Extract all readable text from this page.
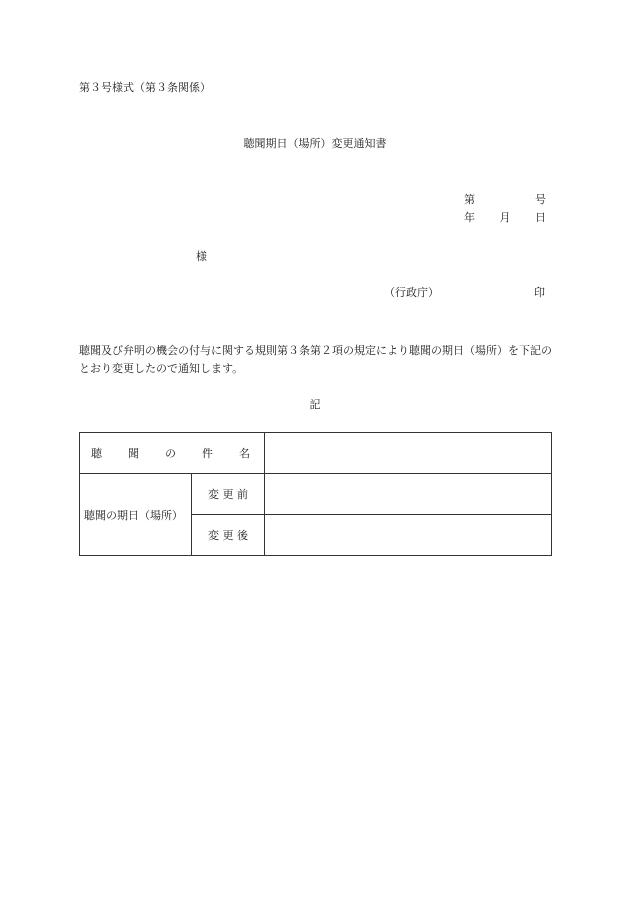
第３号様式（第３条関係）
聴聞期日（場所）変更通知書
第	号
年 月 日
様
（行政庁）	印
聴聞及び弁明の機会の付与に関する規則第３条第２項の規定により聴聞の期日（場所）を下記のとおり変更したので通知します。
記
聴 聞 の 件 名		

聴聞の期日（場所）	変 更 前	
	変 更 後	
